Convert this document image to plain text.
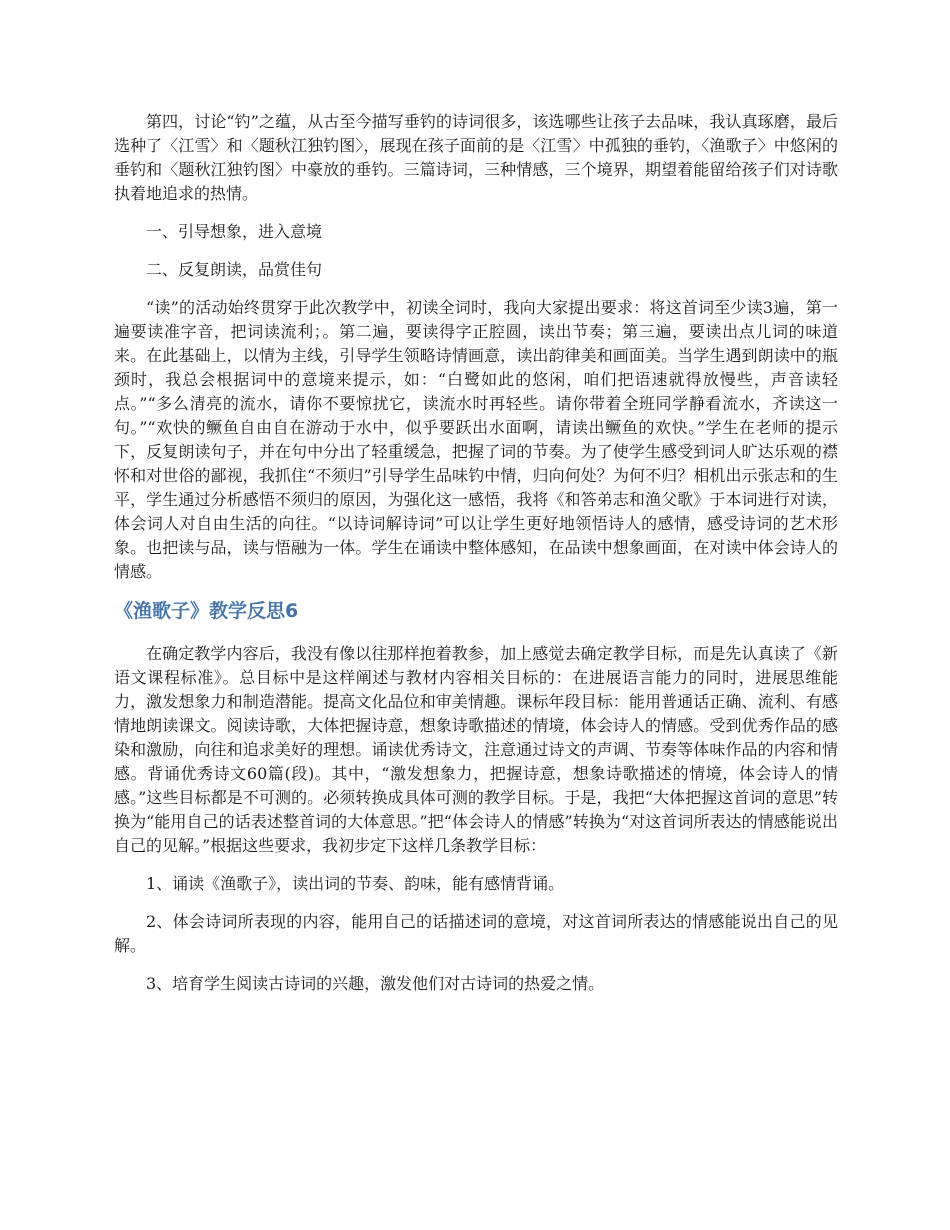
第四，讨论“钓”之蕴，从古至今描写垂钓的诗词很多，该选哪些让孩子去品味，我认真琢磨，最后选种了〈江雪〉和〈题秋江独钓图〉，展现在孩子面前的是〈江雪〉中孤独的垂钓，〈渔歌子〉中悠闲的垂钓和〈题秋江独钓图〉中豪放的垂钓。三篇诗词，三种情感，三个境界，期望着能留给孩子们对诗歌执着地追求的热情。

一、引导想象，进入意境

二、反复朗读，品赏佳句

“读”的活动始终贯穿于此次教学中，初读全词时，我向大家提出要求：将这首词至少读3遍，第一遍要读准字音，把词读流利；。第二遍，要读得字正腔圆，读出节奏；第三遍，要读出点儿词的味道来。在此基础上，以情为主线，引导学生领略诗情画意，读出韵律美和画面美。当学生遇到朗读中的瓶颈时，我总会根据词中的意境来提示，如：“白鹭如此的悠闲，咱们把语速就得放慢些，声音读轻点。”“多么清亮的流水，请你不要惊扰它，读流水时再轻些。请你带着全班同学静看流水，齐读这一句。”“欢快的鳜鱼自由自在游动于水中，似乎要跃出水面啊，请读出鳜鱼的欢快。”学生在老师的提示下，反复朗读句子，并在句中分出了轻重缓急，把握了词的节奏。为了使学生感受到词人旷达乐观的襟怀和对世俗的鄙视，我抓住“不须归”引导学生品味钓中情，归向何处？为何不归？相机出示张志和的生平，学生通过分析感悟不须归的原因，为强化这一感悟，我将《和答弟志和渔父歌》于本词进行对读，体会词人对自由生活的向往。“以诗词解诗词”可以让学生更好地领悟诗人的感情，感受诗词的艺术形象。也把读与品，读与悟融为一体。学生在诵读中整体感知，在品读中想象画面，在对读中体会诗人的情感。

《渔歌子》教学反思6

在确定教学内容后，我没有像以往那样抱着教参，加上感觉去确定教学目标，而是先认真读了《新语文课程标准》。总目标中是这样阐述与教材内容相关目标的：在进展语言能力的同时，进展思维能力，激发想象力和制造潜能。提高文化品位和审美情趣。课标年段目标：能用普通话正确、流利、有感情地朗读课文。阅读诗歌，大体把握诗意，想象诗歌描述的情境，体会诗人的情感。受到优秀作品的感染和激励，向往和追求美好的理想。诵读优秀诗文，注意通过诗文的声调、节奏等体味作品的内容和情感。背诵优秀诗文60篇(段)。其中，“激发想象力，把握诗意，想象诗歌描述的情境，体会诗人的情感。”这些目标都是不可测的。必须转换成具体可测的教学目标。于是，我把“大体把握这首词的意思”转换为“能用自己的话表述整首词的大体意思。”把“体会诗人的情感”转换为“对这首词所表达的情感能说出自己的见解。”根据这些要求，我初步定下这样几条教学目标：

1、诵读《渔歌子》，读出词的节奏、韵味，能有感情背诵。

2、体会诗词所表现的内容，能用自己的话描述词的意境，对这首词所表达的情感能说出自己的见解。

3、培育学生阅读古诗词的兴趣，激发他们对古诗词的热爱之情。
